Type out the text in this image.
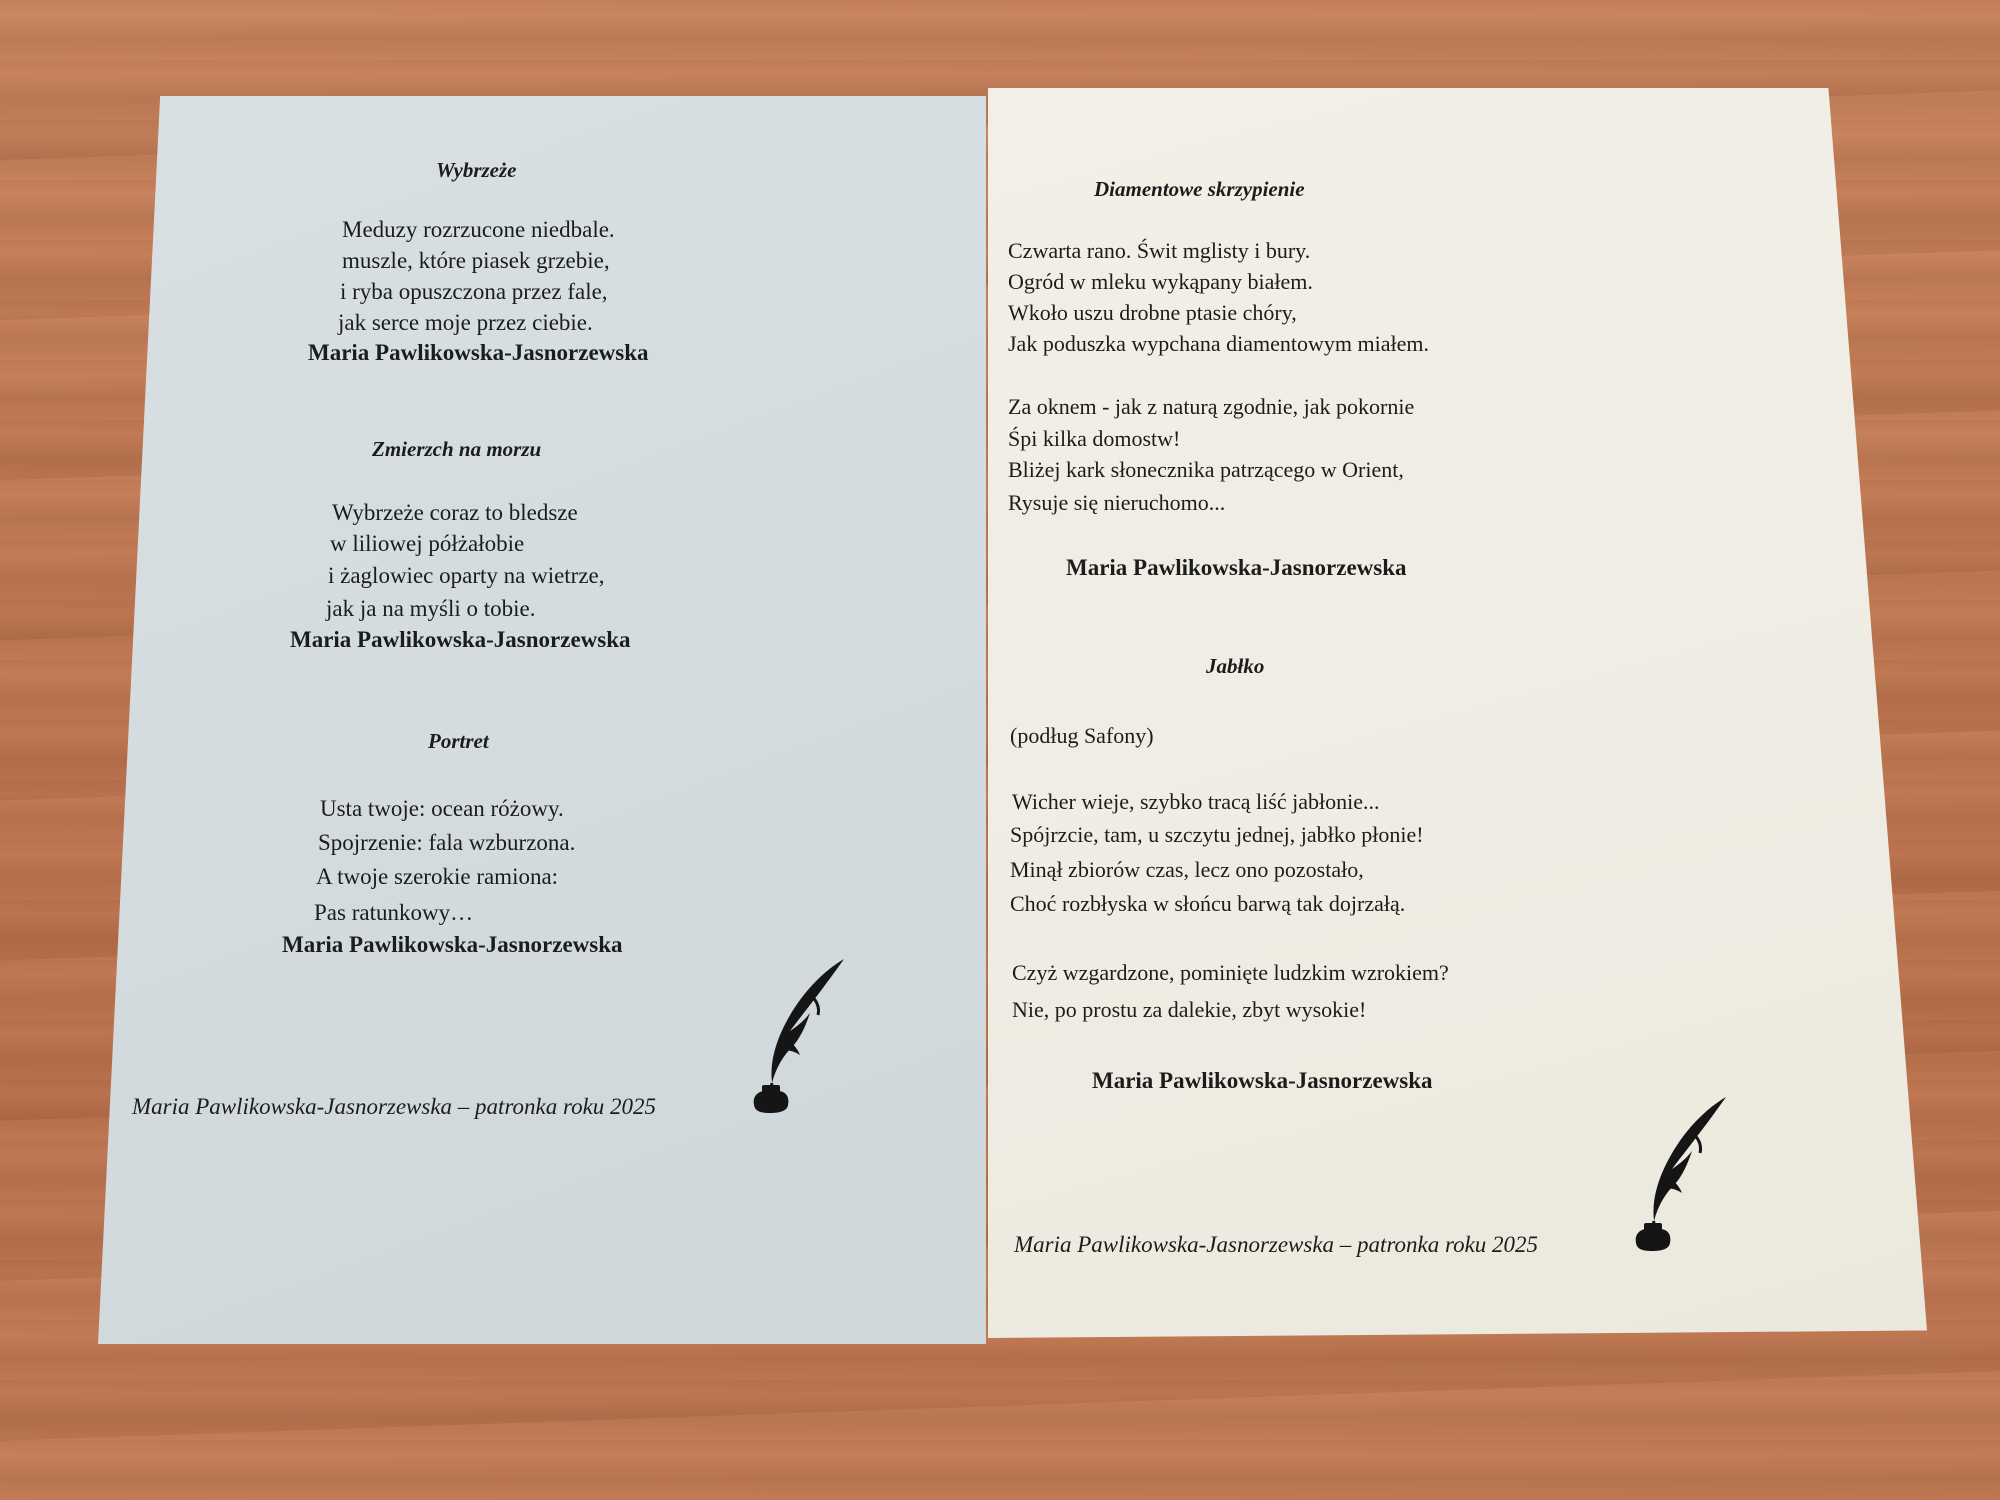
Wybrzeże
Meduzy rozrzucone niedbale.
muszle, które piasek grzebie,
i ryba opuszczona przez fale,
jak serce moje przez ciebie.
Maria Pawlikowska-Jasnorzewska
Zmierzch na morzu
Wybrzeże coraz to bledsze
w liliowej półżałobie
i żaglowiec oparty na wietrze,
jak ja na myśli o tobie.
Maria Pawlikowska-Jasnorzewska
Portret
Usta twoje: ocean różowy.
Spojrzenie: fala wzburzona.
A twoje szerokie ramiona:
Pas ratunkowy…
Maria Pawlikowska-Jasnorzewska
Maria Pawlikowska-Jasnorzewska – patronka roku 2025
Diamentowe skrzypienie
Czwarta rano. Świt mglisty i bury.
Ogród w mleku wykąpany białem.
Wkoło uszu drobne ptasie chóry,
Jak poduszka wypchana diamentowym miałem.
Za oknem - jak z naturą zgodnie, jak pokornie
Śpi kilka domostw!
Bliżej kark słonecznika patrzącego w Orient,
Rysuje się nieruchomo...
Maria Pawlikowska-Jasnorzewska
Jabłko
(podług Safony)
Wicher wieje, szybko tracą liść jabłonie...
Spójrzcie, tam, u szczytu jednej, jabłko płonie!
Minął zbiorów czas, lecz ono pozostało,
Choć rozbłyska w słońcu barwą tak dojrzałą.
Czyż wzgardzone, pominięte ludzkim wzrokiem?
Nie, po prostu za dalekie, zbyt wysokie!
Maria Pawlikowska-Jasnorzewska
Maria Pawlikowska-Jasnorzewska – patronka roku 2025
